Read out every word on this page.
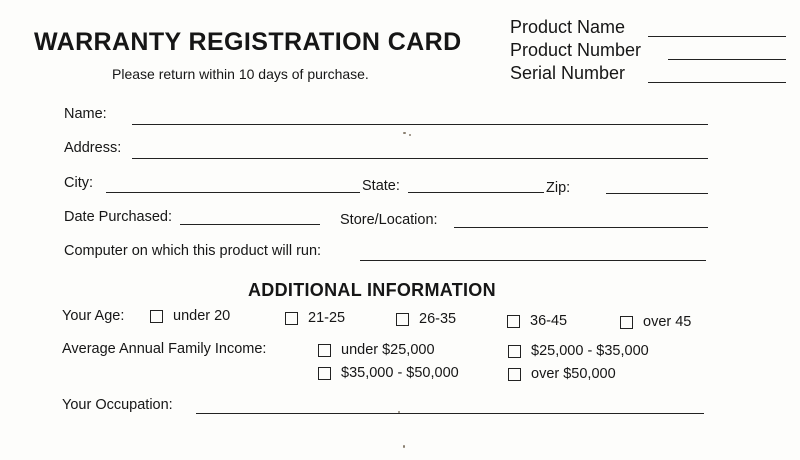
WARRANTY REGISTRATION CARD
Please return within 10 days of purchase.
Product Name
Product Number
Serial Number
Name:
Address:
City:	State:	Zip:
Date Purchased:	Store/Location:
Computer on which this product will run:
ADDITIONAL INFORMATION
Your Age:	under 20	21-25	26-35	36-45	over 45
Average Annual Family Income:	under $25,000	$25,000 - $35,000
$35,000 - $50,000	over $50,000
Your Occupation:
